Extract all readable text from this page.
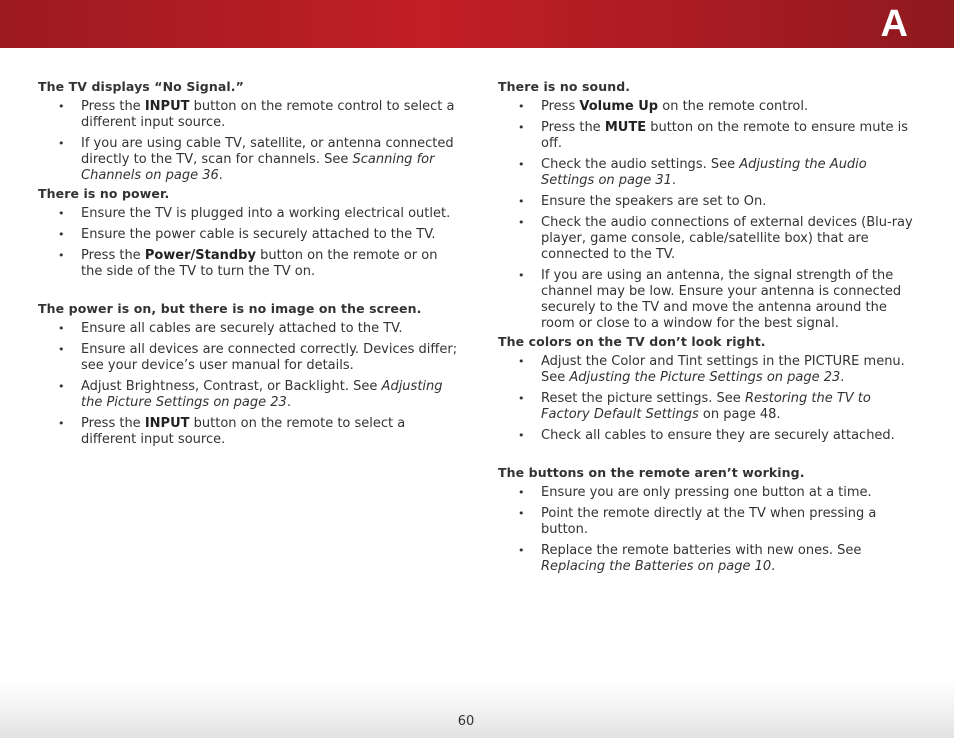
A
The TV displays “No Signal.”
• Press the INPUT button on the remote control to select a different input source.
• If you are using cable TV, satellite, or antenna connected directly to the TV, scan for channels. See Scanning for Channels on page 36.
There is no power.
• Ensure the TV is plugged into a working electrical outlet.
• Ensure the power cable is securely attached to the TV.
• Press the Power/Standby button on the remote or on the side of the TV to turn the TV on.
The power is on, but there is no image on the screen.
• Ensure all cables are securely attached to the TV.
• Ensure all devices are connected correctly. Devices differ; see your device’s user manual for details.
• Adjust Brightness, Contrast, or Backlight. See Adjusting the Picture Settings on page 23.
• Press the INPUT button on the remote to select a different input source.
There is no sound.
• Press Volume Up on the remote control.
• Press the MUTE button on the remote to ensure mute is off.
• Check the audio settings. See Adjusting the Audio Settings on page 31.
• Ensure the speakers are set to On.
• Check the audio connections of external devices (Blu-ray player, game console, cable/satellite box) that are connected to the TV.
• If you are using an antenna, the signal strength of the channel may be low. Ensure your antenna is connected securely to the TV and move the antenna around the room or close to a window for the best signal.
The colors on the TV don’t look right.
• Adjust the Color and Tint settings in the PICTURE menu. See Adjusting the Picture Settings on page 23.
• Reset the picture settings. See Restoring the TV to Factory Default Settings on page 48.
• Check all cables to ensure they are securely attached.
The buttons on the remote aren’t working.
• Ensure you are only pressing one button at a time.
• Point the remote directly at the TV when pressing a button.
• Replace the remote batteries with new ones. See Replacing the Batteries on page 10.
60
